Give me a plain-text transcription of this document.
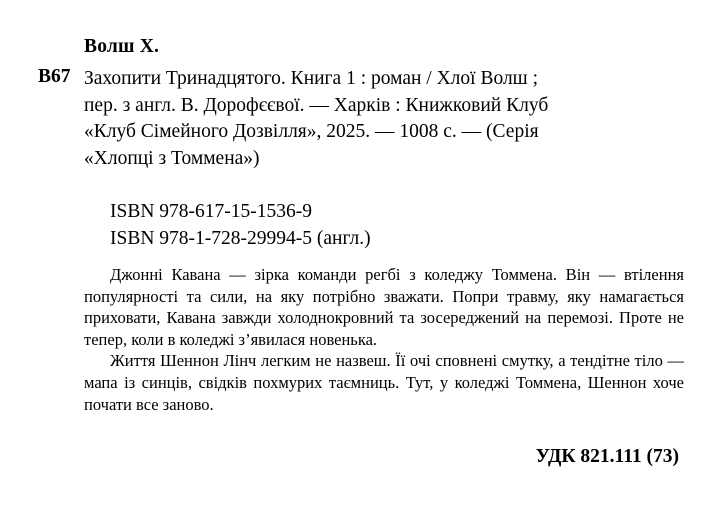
Волш Х.
В67 Захопити Тринадцятого. Книга 1 : роман / Хлої Волш ;
пер. з англ. В. Дорофєєвої. — Харків : Книжковий Клуб
«Клуб Сімейного Дозвілля», 2025. — 1008 с. — (Серія
«Хлопці з Томмена»)
ISBN 978-617-15-1536-9
ISBN 978-1-728-29994-5 (англ.)

Джонні Кавана — зірка команди регбі з коледжу Томмена. Він — втілення популярності та сили, на яку потрібно зважати. Попри травму, яку намагається приховати, Кавана завжди холоднокровний та зосереджений на перемозі. Проте не тепер, коли в коледжі з’явилася новенька.

Життя Шеннон Лінч легким не назвеш. Її очі сповнені смутку, а тендітне тіло — мапа із синців, свідків похмурих таємниць. Тут, у коледжі Томмена, Шеннон хоче почати все заново.

УДК 821.111 (73)
